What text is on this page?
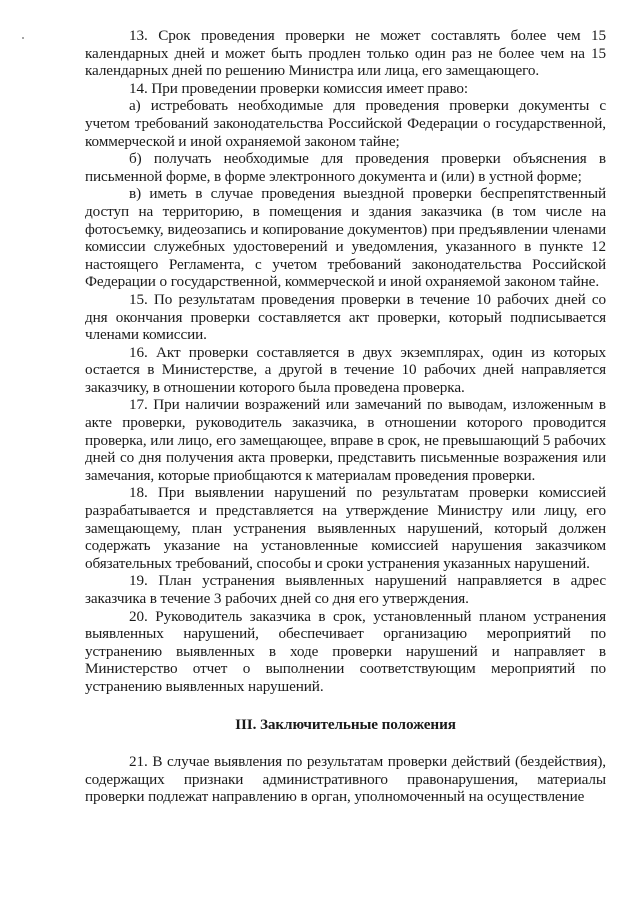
13. Срок проведения проверки не может составлять более чем 15 календарных дней и может быть продлен только один раз не более чем на 15 календарных дней по решению Министра или лица, его замещающего.

14. При проведении проверки комиссия имеет право:

а) истребовать необходимые для проведения проверки документы с учетом требований законодательства Российской Федерации о государственной, коммерческой и иной охраняемой законом тайне;

б) получать необходимые для проведения проверки объяснения в письменной форме, в форме электронного документа и (или) в устной форме;

в) иметь в случае проведения выездной проверки беспрепятственный доступ на территорию, в помещения и здания заказчика (в том числе на фотосъемку, видеозапись и копирование документов) при предъявлении членами комиссии служебных удостоверений и уведомления, указанного в пункте 12 настоящего Регламента, с учетом требований законодательства Российской Федерации о государственной, коммерческой и иной охраняемой законом тайне.

15. По результатам проведения проверки в течение 10 рабочих дней со дня окончания проверки составляется акт проверки, который подписывается членами комиссии.

16. Акт проверки составляется в двух экземплярах, один из которых остается в Министерстве, а другой в течение 10 рабочих дней направляется заказчику, в отношении которого была проведена проверка.

17. При наличии возражений или замечаний по выводам, изложенным в акте проверки, руководитель заказчика, в отношении которого проводится проверка, или лицо, его замещающее, вправе в срок, не превышающий 5 рабочих дней со дня получения акта проверки, представить письменные возражения или замечания, которые приобщаются к материалам проведения проверки.

18. При выявлении нарушений по результатам проверки комиссией разрабатывается и представляется на утверждение Министру или лицу, его замещающему, план устранения выявленных нарушений, который должен содержать указание на установленные комиссией нарушения заказчиком обязательных требований, способы и сроки устранения указанных нарушений.

19. План устранения выявленных нарушений направляется в адрес заказчика в течение 3 рабочих дней со дня его утверждения.

20. Руководитель заказчика в срок, установленный планом устранения выявленных нарушений, обеспечивает организацию мероприятий по устранению выявленных в ходе проверки нарушений и направляет в Министерство отчет о выполнении соответствующим мероприятий по устранению выявленных нарушений.

III. Заключительные положения

21. В случае выявления по результатам проверки действий (бездействия), содержащих признаки административного правонарушения, материалы проверки подлежат направлению в орган, уполномоченный на осуществление
